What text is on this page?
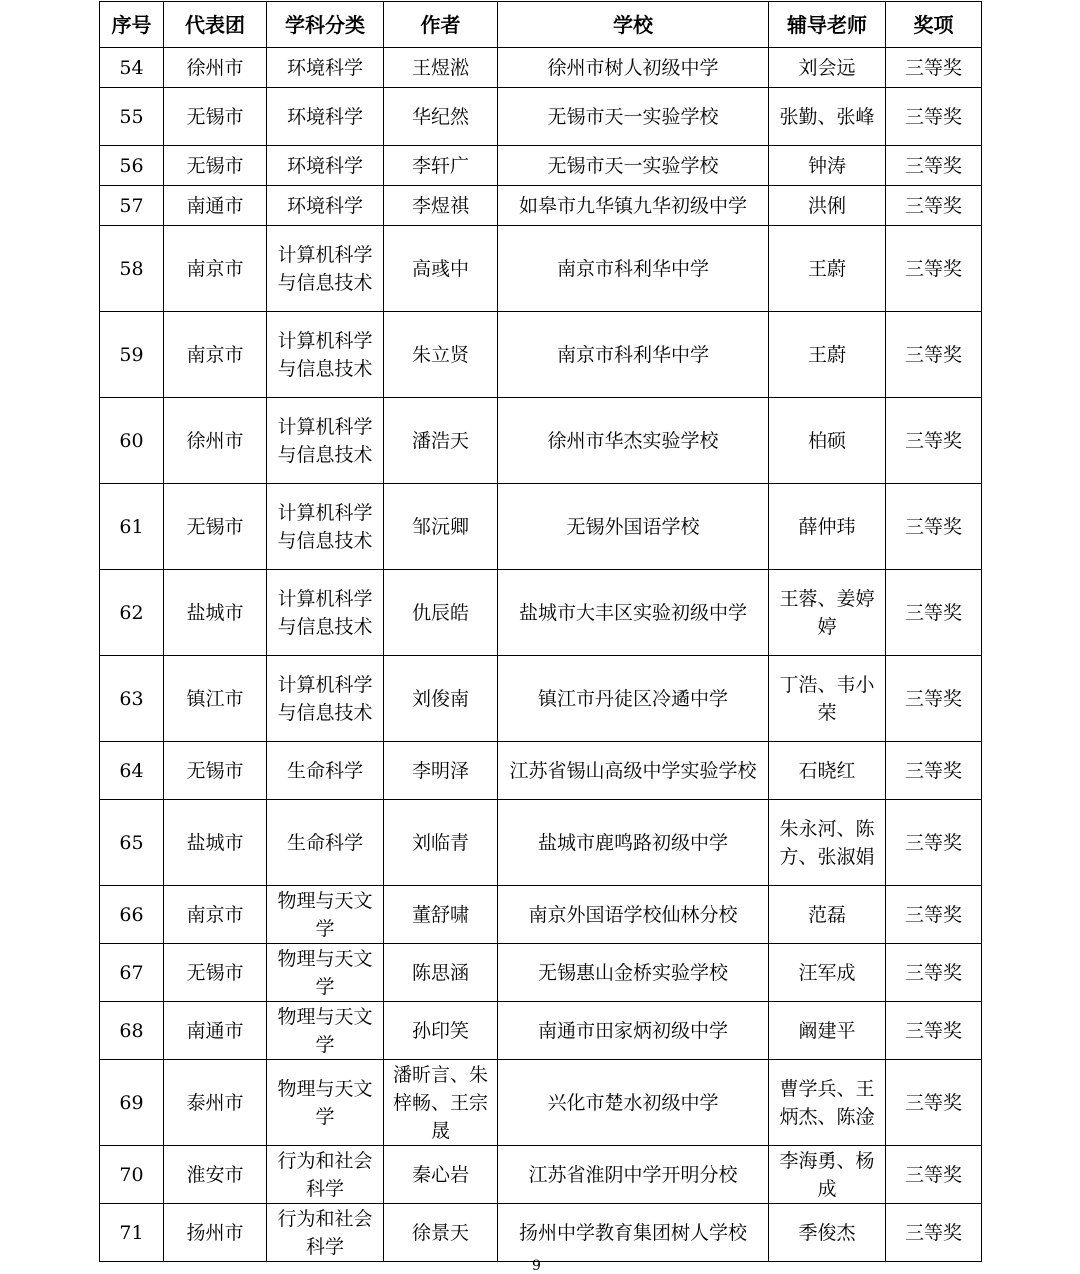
序号	代表团	学科分类	作者	学校	辅导老师	奖项
54	徐州市	环境科学	王煜淞	徐州市树人初级中学	刘会远	三等奖
55	无锡市	环境科学	华纪然	无锡市天一实验学校	张勤、张峰	三等奖
56	无锡市	环境科学	李轩广	无锡市天一实验学校	钟涛	三等奖
57	南通市	环境科学	李煜祺	如皋市九华镇九华初级中学	洪俐	三等奖
58	南京市	计算机科学与信息技术	高彧中	南京市科利华中学	王蔚	三等奖
59	南京市	计算机科学与信息技术	朱立贤	南京市科利华中学	王蔚	三等奖
60	徐州市	计算机科学与信息技术	潘浩天	徐州市华杰实验学校	柏硕	三等奖
61	无锡市	计算机科学与信息技术	邹沅卿	无锡外国语学校	薛仲玮	三等奖
62	盐城市	计算机科学与信息技术	仇辰皓	盐城市大丰区实验初级中学	王蓉、姜婷婷	三等奖
63	镇江市	计算机科学与信息技术	刘俊南	镇江市丹徒区冷遹中学	丁浩、韦小荣	三等奖
64	无锡市	生命科学	李明泽	江苏省锡山高级中学实验学校	石晓红	三等奖
65	盐城市	生命科学	刘临青	盐城市鹿鸣路初级中学	朱永河、陈方、张淑娟	三等奖
66	南京市	物理与天文学	董舒啸	南京外国语学校仙林分校	范磊	三等奖
67	无锡市	物理与天文学	陈思涵	无锡惠山金桥实验学校	汪军成	三等奖
68	南通市	物理与天文学	孙印笑	南通市田家炳初级中学	阚建平	三等奖
69	泰州市	物理与天文学	潘昕言、朱梓畅、王宗晟	兴化市楚水初级中学	曹学兵、王炳杰、陈淦	三等奖
70	淮安市	行为和社会科学	秦心岩	江苏省淮阴中学开明分校	李海勇、杨成	三等奖
71	扬州市	行为和社会科学	徐景天	扬州中学教育集团树人学校	季俊杰	三等奖
9
